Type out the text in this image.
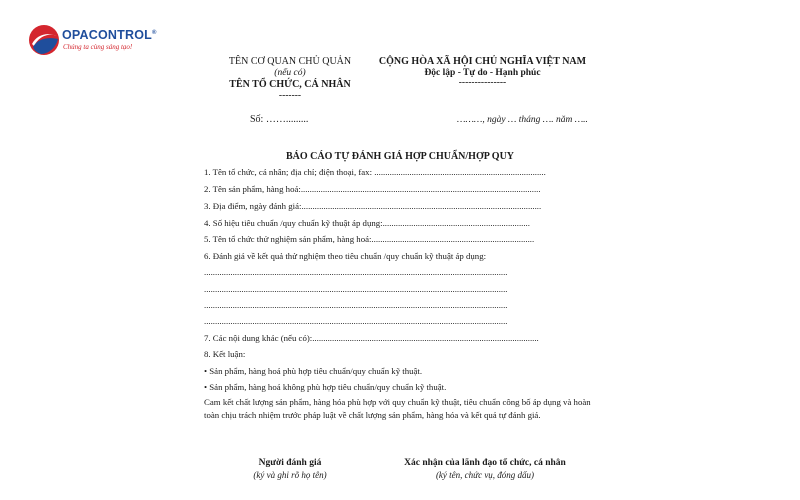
OPACONTROL®
Chúng ta cùng sáng tạo!
TÊN CƠ QUAN CHỦ QUẢN
(nếu có)
TÊN TỔ CHỨC, CÁ NHÂN
-------
CỘNG HÒA XÃ HỘI CHỦ NGHĨA VIỆT NAM
Độc lập - Tự do - Hạnh phúc
---------------
Số: …….........	………, ngày … tháng …. năm …..
BÁO CÁO TỰ ĐÁNH GIÁ HỢP CHUẨN/HỢP QUY
1. Tên tổ chức, cá nhân; địa chỉ; điện thoại, fax: ..............................................................................
2. Tên sản phẩm, hàng hoá:.............................................................................................................
3. Địa điểm, ngày đánh giá:.............................................................................................................
4. Số hiệu tiêu chuẩn /quy chuẩn kỹ thuật áp dụng:...................................................................
5. Tên tổ chức thử nghiệm sản phẩm, hàng hoá:..........................................................................
6. Đánh giá về kết quả thử nghiệm theo tiêu chuẩn /quy chuẩn kỹ thuật áp dụng:
..........................................................................................................................................
..........................................................................................................................................
..........................................................................................................................................
..........................................................................................................................................
7. Các nội dung khác (nếu có):.......................................................................................................
8. Kết luận:
• Sản phẩm, hàng hoá phù hợp tiêu chuẩn/quy chuẩn kỹ thuật.
• Sản phẩm, hàng hoá không phù hợp tiêu chuẩn/quy chuẩn kỹ thuật.
Cam kết chất lượng sản phẩm, hàng hóa phù hợp với quy chuẩn kỹ thuật, tiêu chuẩn công bố áp dụng và hoàn toàn chịu trách nhiệm trước pháp luật về chất lượng sản phẩm, hàng hóa và kết quả tự đánh giá.
Người đánh giá
(ký và ghi rõ họ tên)
Xác nhận của lãnh đạo tổ chức, cá nhân
(ký tên, chức vụ, đóng dấu)
